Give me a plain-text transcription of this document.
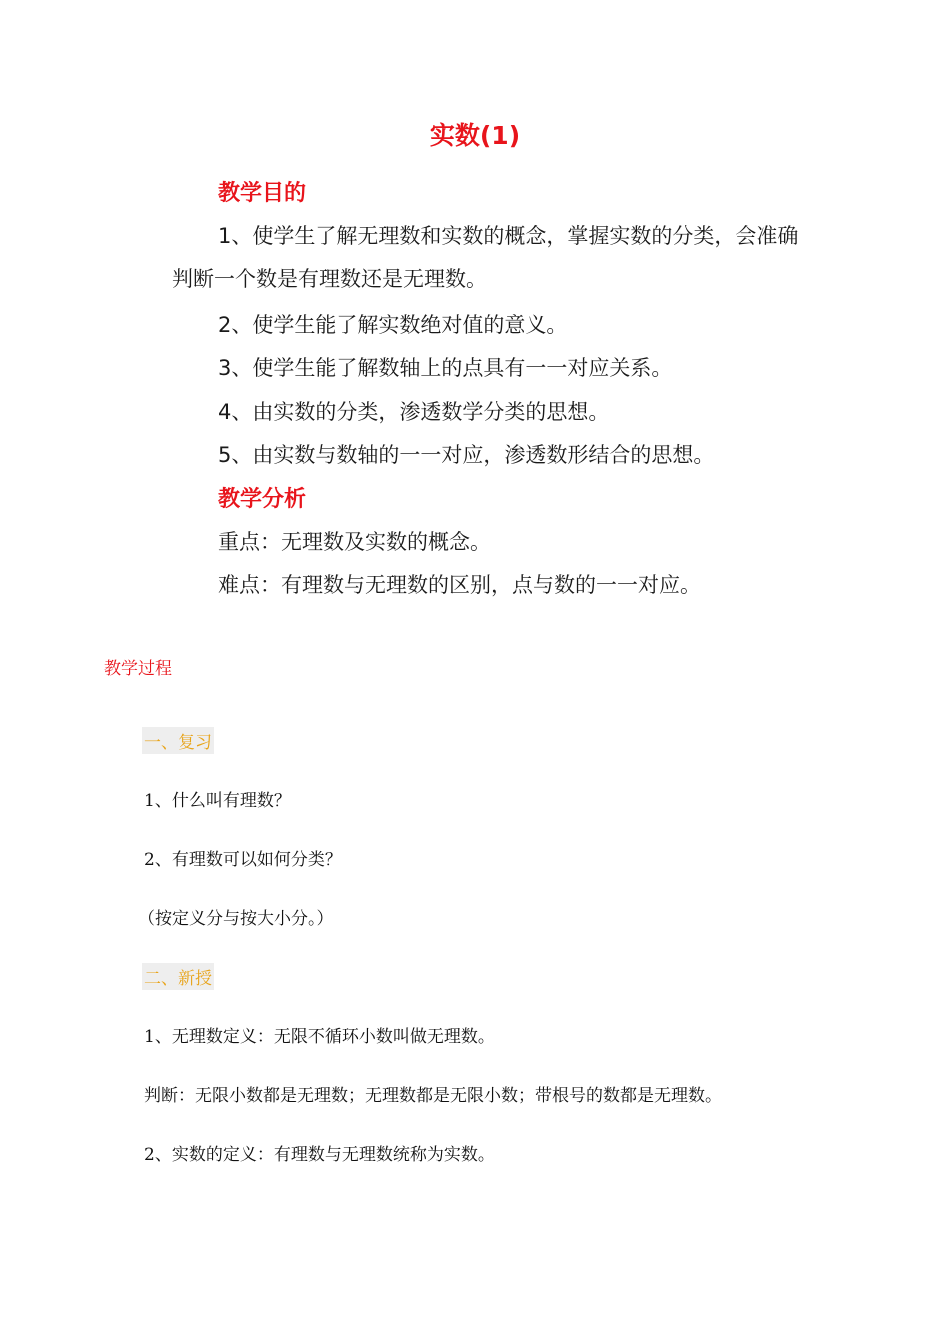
实数(1)
教学目的
1、使学生了解无理数和实数的概念，掌握实数的分类，会准确
判断一个数是有理数还是无理数。
2、使学生能了解实数绝对值的意义。
3、使学生能了解数轴上的点具有一一对应关系。
4、由实数的分类，渗透数学分类的思想。
5、由实数与数轴的一一对应，渗透数形结合的思想。
教学分析
重点：无理数及实数的概念。
难点：有理数与无理数的区别，点与数的一一对应。
教学过程
一、复习
1、什么叫有理数？
2、有理数可以如何分类？
（按定义分与按大小分。）
二、新授
1、无理数定义：无限不循环小数叫做无理数。
判断：无限小数都是无理数；无理数都是无限小数；带根号的数都是无理数。
2、实数的定义：有理数与无理数统称为实数。
